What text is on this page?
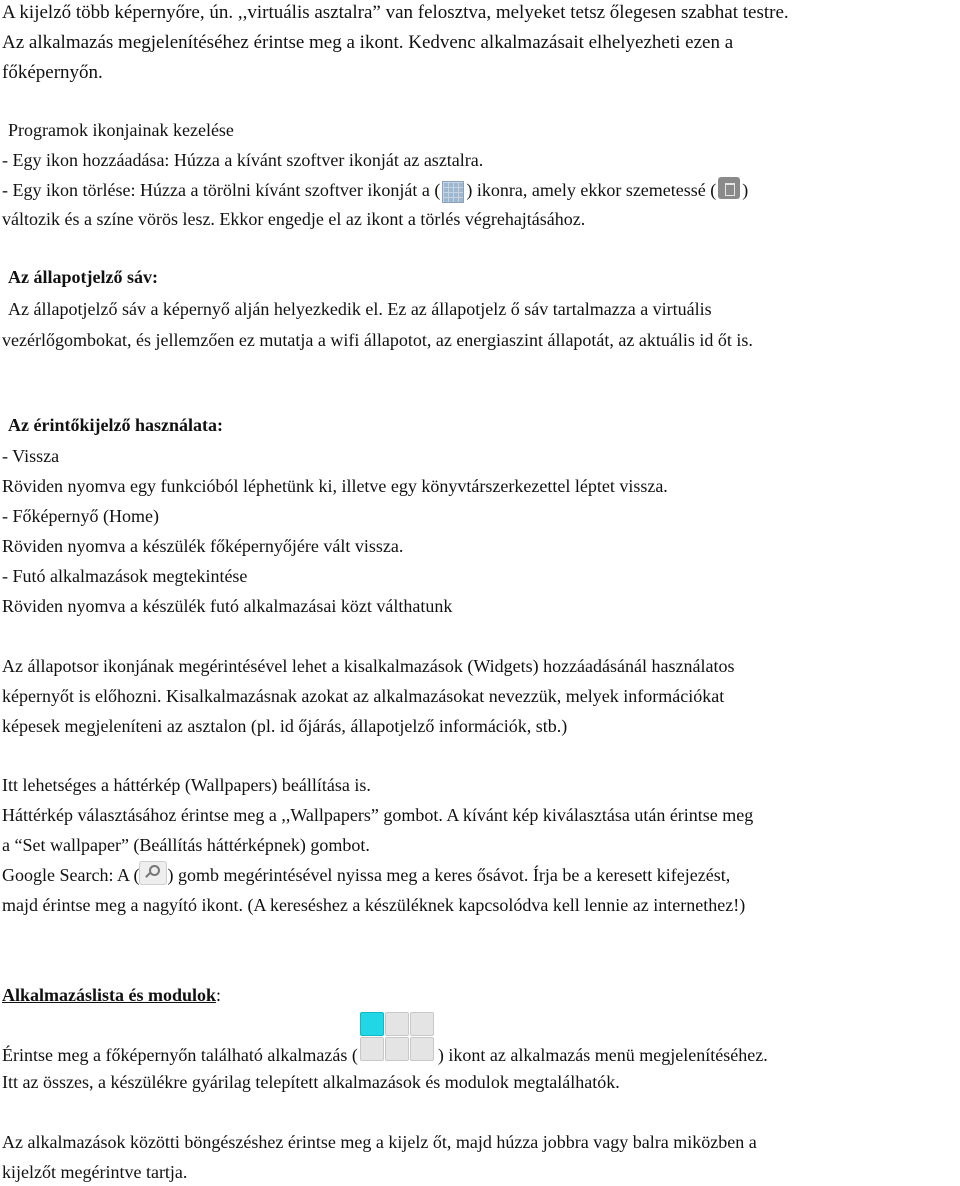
A kijelző több képernyőre, ún. ,,virtuális asztalra” van felosztva, melyeket tetsz őlegesen szabhat testre.
Az alkalmazás megjelenítéséhez érintse meg a ikont. Kedvenc alkalmazásait elhelyezheti ezen a
főképernyőn.
Programok ikonjainak kezelése
- Egy ikon hozzáadása: Húzza a kívánt szoftver ikonját az asztalra.
- Egy ikon törlése: Húzza a törölni kívánt szoftver ikonját a ( ) ikonra, amely ekkor szemetessé ( )
változik és a színe vörös lesz. Ekkor engedje el az ikont a törlés végrehajtásához.
Az állapotjelző sáv:
Az állapotjelző sáv a képernyő alján helyezkedik el. Ez az állapotjelz ő sáv tartalmazza a virtuális
vezérlőgombokat, és jellemzően ez mutatja a wifi állapotot, az energiaszint állapotát, az aktuális id őt is.
Az érintőkijelző használata:
- Vissza
Röviden nyomva egy funkcióból léphetünk ki, illetve egy könyvtárszerkezettel léptet vissza.
- Főképernyő (Home)
Röviden nyomva a készülék főképernyőjére vált vissza.
- Futó alkalmazások megtekintése
Röviden nyomva a készülék futó alkalmazásai közt válthatunk
Az állapotsor ikonjának megérintésével lehet a kisalkalmazások (Widgets) hozzáadásánál használatos
képernyőt is előhozni. Kisalkalmazásnak azokat az alkalmazásokat nevezzük, melyek információkat
képesek megjeleníteni az asztalon (pl. id őjárás, állapotjelző információk, stb.)
Itt lehetséges a háttérkép (Wallpapers) beállítása is.
Háttérkép választásához érintse meg a ,,Wallpapers” gombot. A kívánt kép kiválasztása után érintse meg
a “Set wallpaper” (Beállítás háttérképnek) gombot.
Google Search: A ( ) gomb megérintésével nyissa meg a keres ősávot. Írja be a keresett kifejezést,
majd érintse meg a nagyító ikont. (A kereséshez a készüléknek kapcsolódva kell lennie az internethez!)
Alkalmazáslista és modulok:
Érintse meg a főképernyőn található alkalmazás (	) ikont az alkalmazás menü megjelenítéséhez.
Itt az összes, a készülékre gyárilag telepített alkalmazások és modulok megtalálhatók.
Az alkalmazások közötti böngészéshez érintse meg a kijelz őt, majd húzza jobbra vagy balra miközben a
kijelzőt megérintve tartja.
